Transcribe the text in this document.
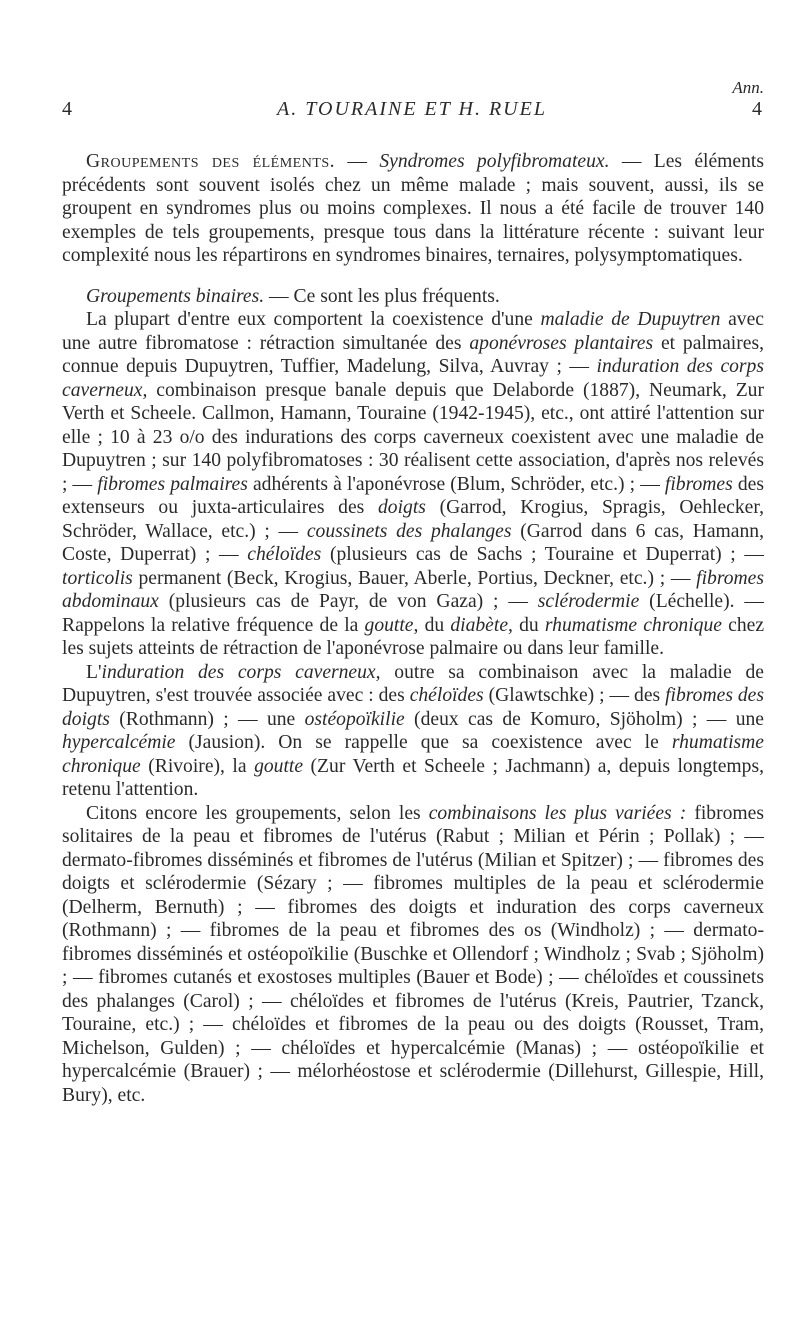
Ann.
4	A. TOURAINE ET H. RUEL	4

Groupements des éléments. — Syndromes polyfibromateux. — Les éléments précédents sont souvent isolés chez un même malade ; mais souvent, aussi, ils se groupent en syndromes plus ou moins complexes. Il nous a été facile de trouver 140 exemples de tels groupements, presque tous dans la littérature récente : suivant leur complexité nous les répartirons en syndromes binaires, ternaires, polysymptomatiques.

Groupements binaires. — Ce sont les plus fréquents.

La plupart d'entre eux comportent la coexistence d'une maladie de Dupuytren avec une autre fibromatose : rétraction simultanée des aponévroses plantaires et palmaires, connue depuis Dupuytren, Tuffier, Madelung, Silva, Auvray ; — induration des corps caverneux, combinaison presque banale depuis que Delaborde (1887), Neumark, Zur Verth et Scheele. Callmon, Hamann, Touraine (1942-1945), etc., ont attiré l'attention sur elle ; 10 à 23 o/o des indurations des corps caverneux coexistent avec une maladie de Dupuytren ; sur 140 polyfibromatoses : 30 réalisent cette association, d'après nos relevés ; — fibromes palmaires adhérents à l'aponévrose (Blum, Schröder, etc.) ; — fibromes des extenseurs ou juxta-articulaires des doigts (Garrod, Krogius, Spragis, Oehlecker, Schröder, Wallace, etc.) ; — coussinets des phalanges (Garrod dans 6 cas, Hamann, Coste, Duperrat) ; — chéloïdes (plusieurs cas de Sachs ; Touraine et Duperrat) ; — torticolis permanent (Beck, Krogius, Bauer, Aberle, Portius, Deckner, etc.) ; — fibromes abdominaux (plusieurs cas de Payr, de von Gaza) ; — sclérodermie (Léchelle). — Rappelons la relative fréquence de la goutte, du diabète, du rhumatisme chronique chez les sujets atteints de rétraction de l'aponévrose palmaire ou dans leur famille.

L'induration des corps caverneux, outre sa combinaison avec la maladie de Dupuytren, s'est trouvée associée avec : des chéloïdes (Glawtschke) ; — des fibromes des doigts (Rothmann) ; — une ostéopoïkilie (deux cas de Komuro, Sjöholm) ; — une hypercalcémie (Jausion). On se rappelle que sa coexistence avec le rhumatisme chronique (Rivoire), la goutte (Zur Verth et Scheele ; Jachmann) a, depuis longtemps, retenu l'attention.

Citons encore les groupements, selon les combinaisons les plus variées : fibromes solitaires de la peau et fibromes de l'utérus (Rabut ; Milian et Périn ; Pollak) ; — dermato-fibromes disséminés et fibromes de l'utérus (Milian et Spitzer) ; — fibromes des doigts et sclérodermie (Sézary ; — fibromes multiples de la peau et sclérodermie (Delherm, Bernuth) ; — fibromes des doigts et induration des corps caverneux (Rothmann) ; — fibromes de la peau et fibromes des os (Windholz) ; — dermato-fibromes disséminés et ostéopoïkilie (Buschke et Ollendorf ; Windholz ; Svab ; Sjöholm) ; — fibromes cutanés et exostoses multiples (Bauer et Bode) ; — chéloïdes et coussinets des phalanges (Carol) ; — chéloïdes et fibromes de l'utérus (Kreis, Pautrier, Tzanck, Touraine, etc.) ; — chéloïdes et fibromes de la peau ou des doigts (Rousset, Tram, Michelson, Gulden) ; — chéloïdes et hypercalcémie (Manas) ; — ostéopoïkilie et hypercalcémie (Brauer) ; — mélorhéostose et sclérodermie (Dillehurst, Gillespie, Hill, Bury), etc.
